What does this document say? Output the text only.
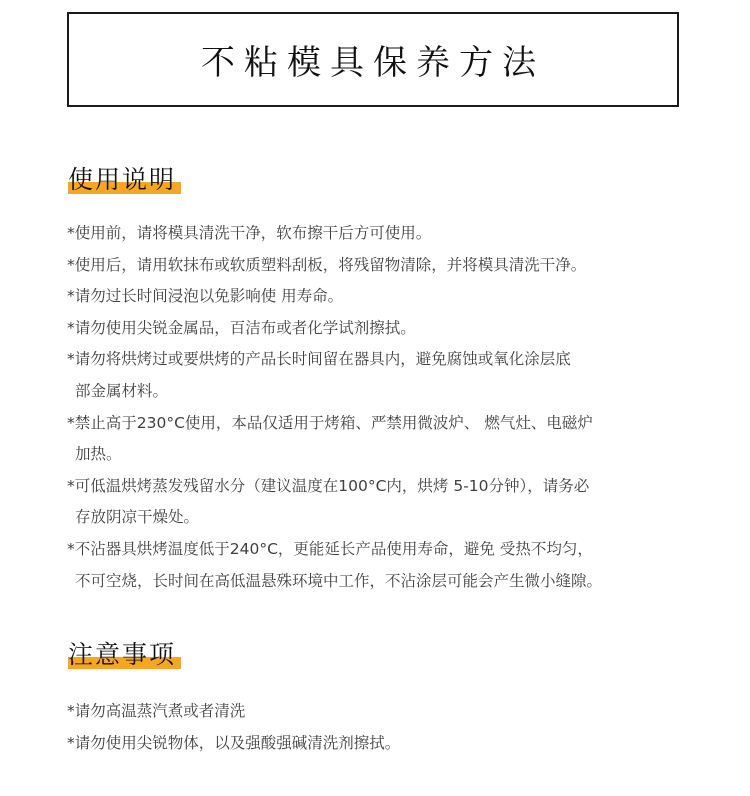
不粘模具保养方法
使用说明
*使用前，请将模具清洗干净，软布擦干后方可使用。
*使用后，请用软抹布或软质塑料刮板，将残留物清除，并将模具清洗干净。
*请勿过长时间浸泡以免影响使 用寿命。
*请勿使用尖锐金属品，百洁布或者化学试剂擦拭。
*请勿将烘烤过或要烘烤的产品长时间留在器具内，避免腐蚀或氧化涂层底
部金属材料。
*禁止高于230°C使用，本品仅适用于烤箱、严禁用微波炉、 燃气灶、电磁炉
加热。
*可低温烘烤蒸发残留水分（建议温度在100°C内，烘烤 5-10分钟），请务必
存放阴凉干燥处。
*不沾器具烘烤温度低于240°C，更能延长产品使用寿命，避免 受热不均匀，
不可空烧，长时间在高低温悬殊环境中工作，不沾涂层可能会产生微小缝隙。
注意事项
*请勿高温蒸汽煮或者清洗
*请勿使用尖锐物体，以及强酸强碱清洗剂擦拭。
